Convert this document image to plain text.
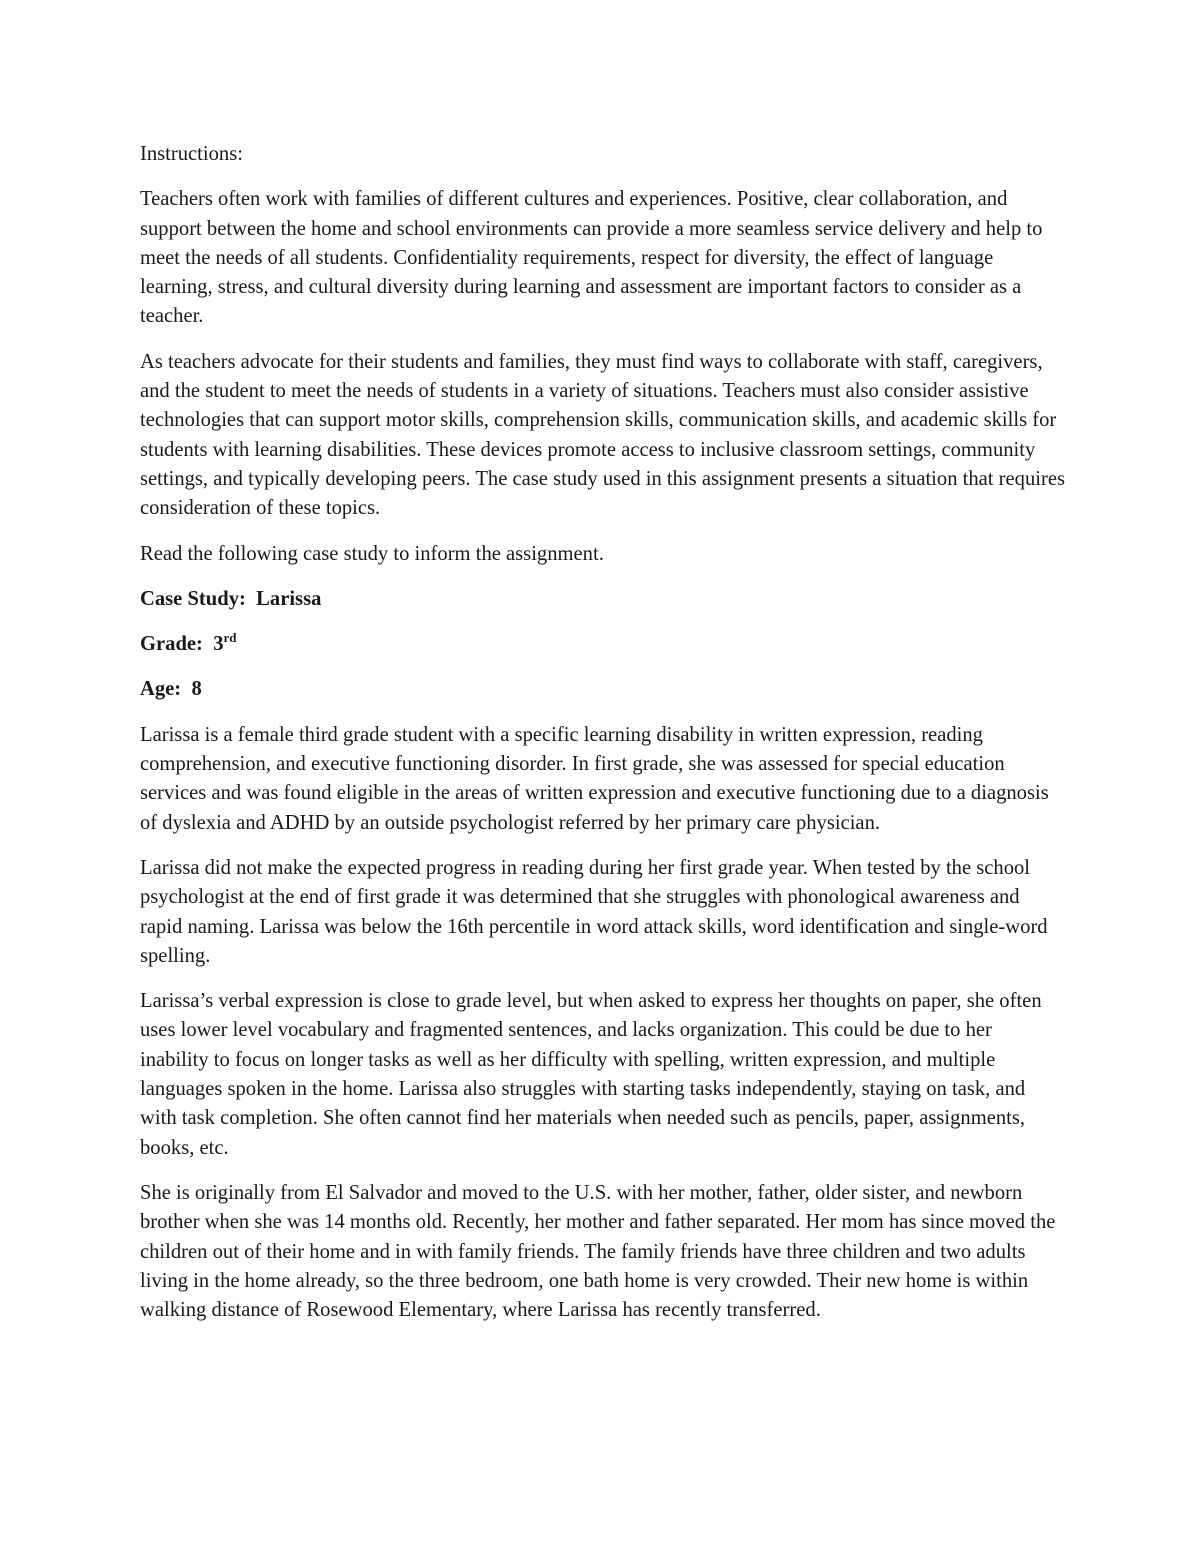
Instructions:

Teachers often work with families of different cultures and experiences. Positive, clear collaboration, and support between the home and school environments can provide a more seamless service delivery and help to meet the needs of all students. Confidentiality requirements, respect for diversity, the effect of language learning, stress, and cultural diversity during learning and assessment are important factors to consider as a teacher.

As teachers advocate for their students and families, they must find ways to collaborate with staff, caregivers, and the student to meet the needs of students in a variety of situations. Teachers must also consider assistive technologies that can support motor skills, comprehension skills, communication skills, and academic skills for students with learning disabilities. These devices promote access to inclusive classroom settings, community settings, and typically developing peers. The case study used in this assignment presents a situation that requires consideration of these topics.

Read the following case study to inform the assignment.

Case Study: Larissa

Grade: 3rd

Age: 8

Larissa is a female third grade student with a specific learning disability in written expression, reading comprehension, and executive functioning disorder. In first grade, she was assessed for special education services and was found eligible in the areas of written expression and executive functioning due to a diagnosis of dyslexia and ADHD by an outside psychologist referred by her primary care physician.

Larissa did not make the expected progress in reading during her first grade year. When tested by the school psychologist at the end of first grade it was determined that she struggles with phonological awareness and rapid naming. Larissa was below the 16th percentile in word attack skills, word identification and single-word spelling.

Larissa’s verbal expression is close to grade level, but when asked to express her thoughts on paper, she often uses lower level vocabulary and fragmented sentences, and lacks organization. This could be due to her inability to focus on longer tasks as well as her difficulty with spelling, written expression, and multiple languages spoken in the home. Larissa also struggles with starting tasks independently, staying on task, and with task completion. She often cannot find her materials when needed such as pencils, paper, assignments, books, etc.

She is originally from El Salvador and moved to the U.S. with her mother, father, older sister, and newborn brother when she was 14 months old. Recently, her mother and father separated. Her mom has since moved the children out of their home and in with family friends. The family friends have three children and two adults living in the home already, so the three bedroom, one bath home is very crowded. Their new home is within walking distance of Rosewood Elementary, where Larissa has recently transferred.
